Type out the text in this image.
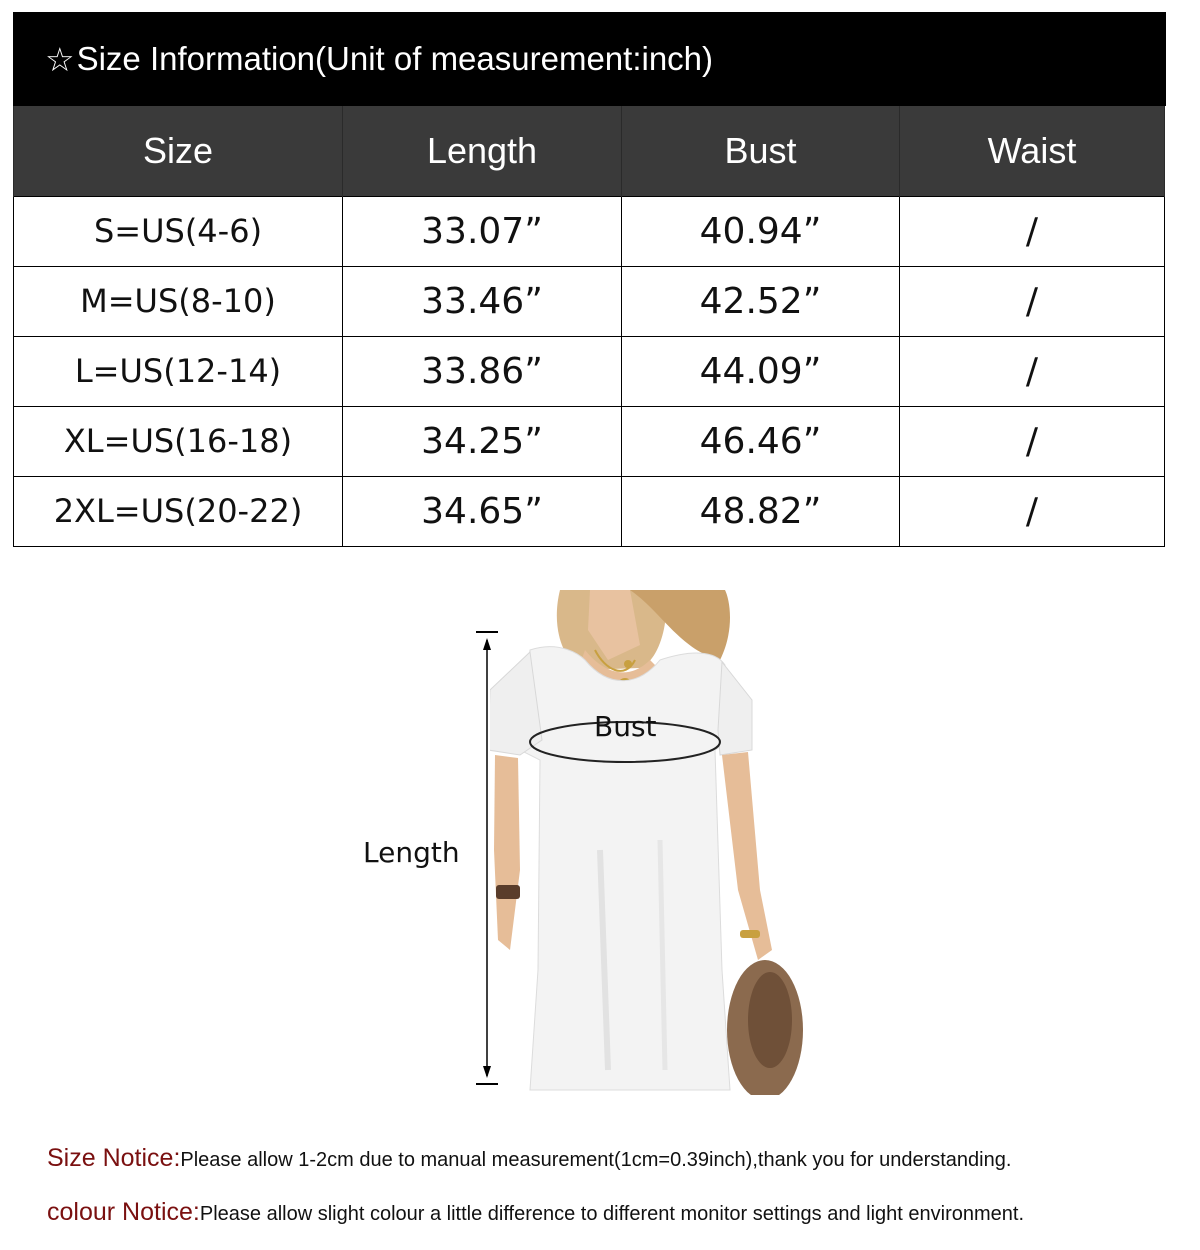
☆ Size Information(Unit of measurement:inch)
Size	Length	Bust	Waist
S=US(4-6)	33.07”	40.94”	/
M=US(8-10)	33.46”	42.52”	/
L=US(12-14)	33.86”	44.09”	/
XL=US(16-18)	34.25”	46.46”	/
2XL=US(20-22)	34.65”	48.82”	/
Length
Bust
Size Notice:Please allow 1-2cm due to manual measurement(1cm=0.39inch),thank you for understanding.
colour Notice:Please allow slight colour a little difference to different monitor settings and light environment.
